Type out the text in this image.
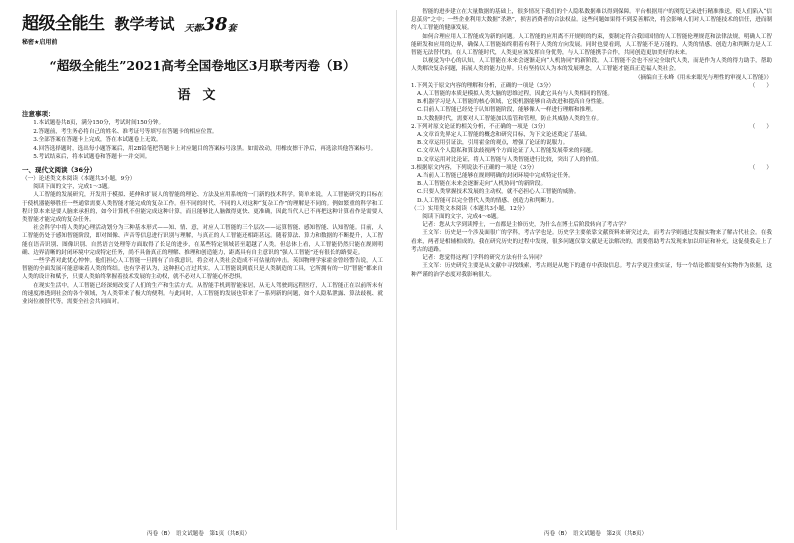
超级全能生 教学考试 天都 38 套
秘密★启用前
“超级全能生”2021高考全国卷地区3月联考丙卷（B）
语文
注意事项：

1.本试题卷共8页，满分150分，考试时间150分钟。

2.答题前，考生务必将自己的姓名、准考证号等填写在答题卡的相应位置。

3.全部答案在答题卡上完成，答在本试题卷上无效。

4.回答选择题时，选出每小题答案后，用2B铅笔把答题卡上对应题目的答案标号涂黑。如需改动，用橡皮擦干净后，再选涂其他答案标号。

5.考试结束后，将本试题卷和答题卡一并交回。

一、现代文阅读（36分）

（一）论述类文本阅读（本题共3小题，9分）

阅读下面的文字，完成1～3题。

人工智能的发展研究，开发用于模拟、延伸和扩展人的智能的理论、方法及应用系统的一门新的技术科学。简单来说，人工智能研究的目标在于使机器能够胜任一些通常需要人类智能才能完成的复杂工作。但不同的时代、不同的人对这种“复杂工作”的理解是不同的。例如繁重的科学和工程计算本来是要人脑来承担的，如今计算机不但能完成这种计算，而且能够比人脑做得更快、更准确，因此当代人已不再把这种计算看作是需要人类智能才能完成的复杂任务。

社会科学中将人类的心理活动划分为三种基本形式——知、情、意，对应人工智能的三个层次——运算智能、感知智能、认知智能。目前，人工智能仍处于感知智能阶段，即对图像、声音等信息进行识别与理解，与真正的人工智能还相距甚远。随着算法、算力和数据的不断提升，人工智能在语音识别、图像识别、自然语言处理等方面取得了长足的进步，在某些特定领域甚至超越了人类。但总体上看，人工智能仍然只能在规则明确、边界清晰的封闭环境中完成特定任务，尚不具备真正的理解、推理和创造能力，距离具有自主意识的“强人工智能”还有很长的路要走。

一些学者对此忧心忡忡。他们担心人工智能一旦拥有了自我意识，将会对人类社会造成不可估量的冲击。英国物理学家霍金曾经警告说，人工智能的全面发展可能意味着人类的终结。也有学者认为，这种担心言过其实。人工智能说到底只是人类制造的工具，它所拥有的一切“智能”都来自人类的设计和赋予，只要人类始终掌握着技术发展的主动权，就不必对人工智能心怀恐惧。

在现实生活中，人工智能已经深刻改变了人们的生产和生活方式。从智能手机到智能家居，从无人驾驶到远程医疗，人工智能正在以前所未有的速度渗透到社会的各个领域，为人类带来了极大的便利。与此同时，人工智能的发展也带来了一系列新的问题，如个人隐私泄露、算法歧视、就业岗位被替代等，需要全社会共同面对。

丙卷（B）　语文试题卷　第1页（共8页）

智能的进步建立在大量数据的基础上，很多情况下我们的个人隐私数据难以得到保障。平台根据用户的浏览记录进行精准推送，使人们陷入“信息茧房”之中；一些企业利用大数据“杀熟”，损害消费者的合法权益。这些问题如果得不到妥善解决，将会影响人们对人工智能技术的信任，进而制约人工智能的健康发展。

如何合理应用人工智能成为新的问题。人工智能的应用离不开规则的约束，要制定符合我国国情的人工智能伦理规范和法律法规，明确人工智能研发和应用的边界，确保人工智能始终朝着有利于人类的方向发展。同时也要看到，人工智能不是万能的，人类的情感、创造力和判断力是人工智能无法替代的。在人工智能时代，人类更应该发挥自身优势，与人工智能携手合作，共同创造更加美好的未来。

以视觉为中心的认知，人工智能在未来会逐渐走向“人机协同”的新阶段。人工智能不会也不应完全取代人类，而是作为人类的得力助手，帮助人类解决复杂问题，拓展人类的能力边界。只有坚持以人为本的发展理念，人工智能才能真正造福人类社会。

（摘编自王永峰《用未来眼光与理性的审视人工智能》）

1.下列关于原文内容的理解和分析，正确的一项是（3分）	（　　）

A.人工智能的本质是模拟人类大脑的思维过程，因此它具有与人类相同的智能。

B.机器学习是人工智能的核心领域，它使机器能够自动改进和提高自身性能。

C.目前人工智能已经处于认知智能阶段，能够像人一样进行理解和推理。

D.大数据时代，需要对人工智能加以监管和管理，防止其威胁人类的生存。

2.下列对原文论证的相关分析，不正确的一项是（3分）	（　　）

A.文章首先界定人工智能的概念和研究目标，为下文论述奠定了基础。

B.文章运用引证法，引用霍金的观点，增强了论证的说服力。

C.文章从个人隐私和算法歧视两个方面论证了人工智能发展带来的问题。

D.文章运用对比论证，将人工智能与人类智能进行比较，突出了人的价值。

3.根据原文内容，下列说法不正确的一项是（3分）	（　　）

A.当前人工智能已能够在规则明确的封闭环境中完成特定任务。

B.人工智能在未来会逐渐走向“人机协同”的新阶段。

C.只要人类掌握技术发展的主动权，就不必担心人工智能的威胁。

D.人工智能可以完全替代人类的情感、创造力和判断力。

（二）实用类文本阅读（本题共3小题，12分）

阅读下面的文字，完成4～6题。

记者：您从大学到读博士，一直都是主修历史，为什么在博士后阶段转向了考古学？

王文军：历史是一个涉及面很广的学科，考古学也是。历史学主要依靠文献资料来研究过去，而考古学则通过发掘实物来了解古代社会。在我看来，两者是相辅相成的。我在研究历史的过程中发现，很多问题仅靠文献是无法解决的，需要借助考古发现来加以印证和补充，这促使我走上了考古的道路。

记者：您觉得这两门学科的研究方法有什么异同？

王文军：历史研究主要是从文献中寻找线索，考古则是从地下的遗存中获取信息。考古学更注重实证，每一个结论都需要有实物作为依据，这种严谨的治学态度对我影响很大。

丙卷（B）　语文试题卷　第2页（共8页）
